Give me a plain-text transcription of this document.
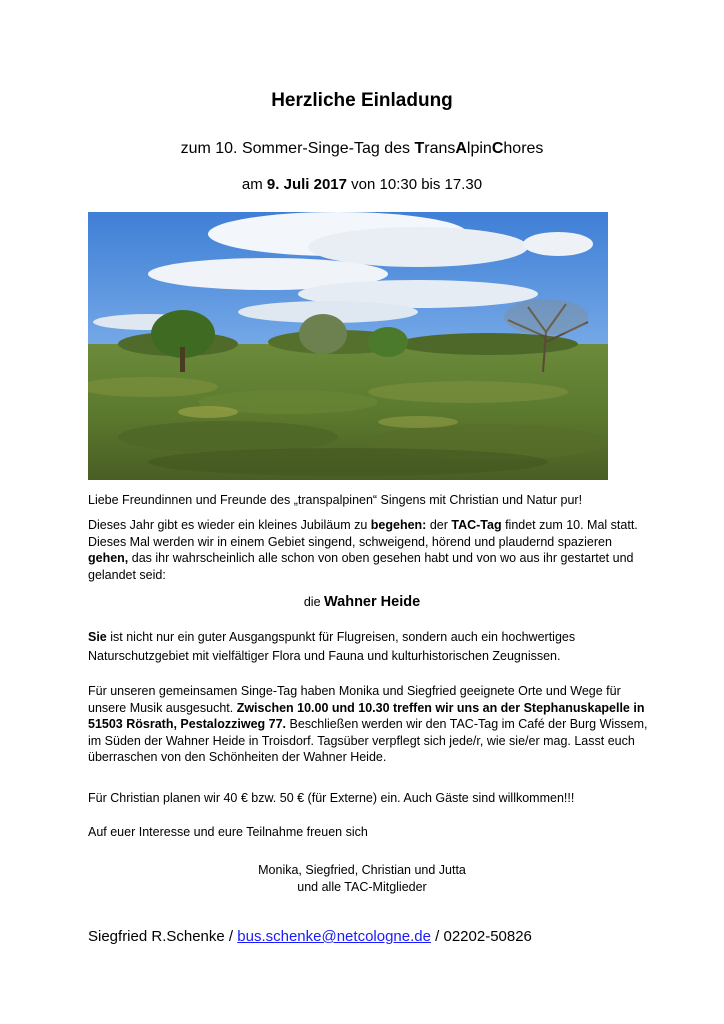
Herzliche Einladung
zum 10. Sommer-Singe-Tag des TransAlpinChores
am 9. Juli 2017 von 10:30 bis 17.30
Liebe Freundinnen und Freunde des „transpalpinen“ Singens mit Christian und Natur pur!
Dieses Jahr gibt es wieder ein kleines Jubiläum zu begehen: der TAC-Tag findet zum 10. Mal statt. Dieses Mal werden wir in einem Gebiet singend, schweigend, hörend und plaudernd spazieren gehen, das ihr wahrscheinlich alle schon von oben gesehen habt und von wo aus ihr gestartet und gelandet seid:
die Wahner Heide
Sie ist nicht nur ein guter Ausgangspunkt für Flugreisen, sondern auch ein hochwertiges Naturschutzgebiet mit vielfältiger Flora und Fauna und kulturhistorischen Zeugnissen.
Für unseren gemeinsamen Singe-Tag haben Monika und Siegfried geeignete Orte und Wege für unsere Musik ausgesucht. Zwischen 10.00 und 10.30 treffen wir uns an der Stephanuskapelle in 51503 Rösrath, Pestalozziweg 77. Beschließen werden wir den TAC-Tag im Café der Burg Wissem, im Süden der Wahner Heide in Troisdorf. Tagsüber verpflegt sich jede/r, wie sie/er mag. Lasst euch überraschen von den Schönheiten der Wahner Heide.
Für Christian planen wir 40 € bzw. 50 € (für Externe) ein. Auch Gäste sind willkommen!!!
Auf euer Interesse und eure Teilnahme freuen sich
Monika, Siegfried, Christian und Jutta
und alle TAC-Mitglieder
Siegfried R.Schenke / bus.schenke@netcologne.de / 02202-50826
